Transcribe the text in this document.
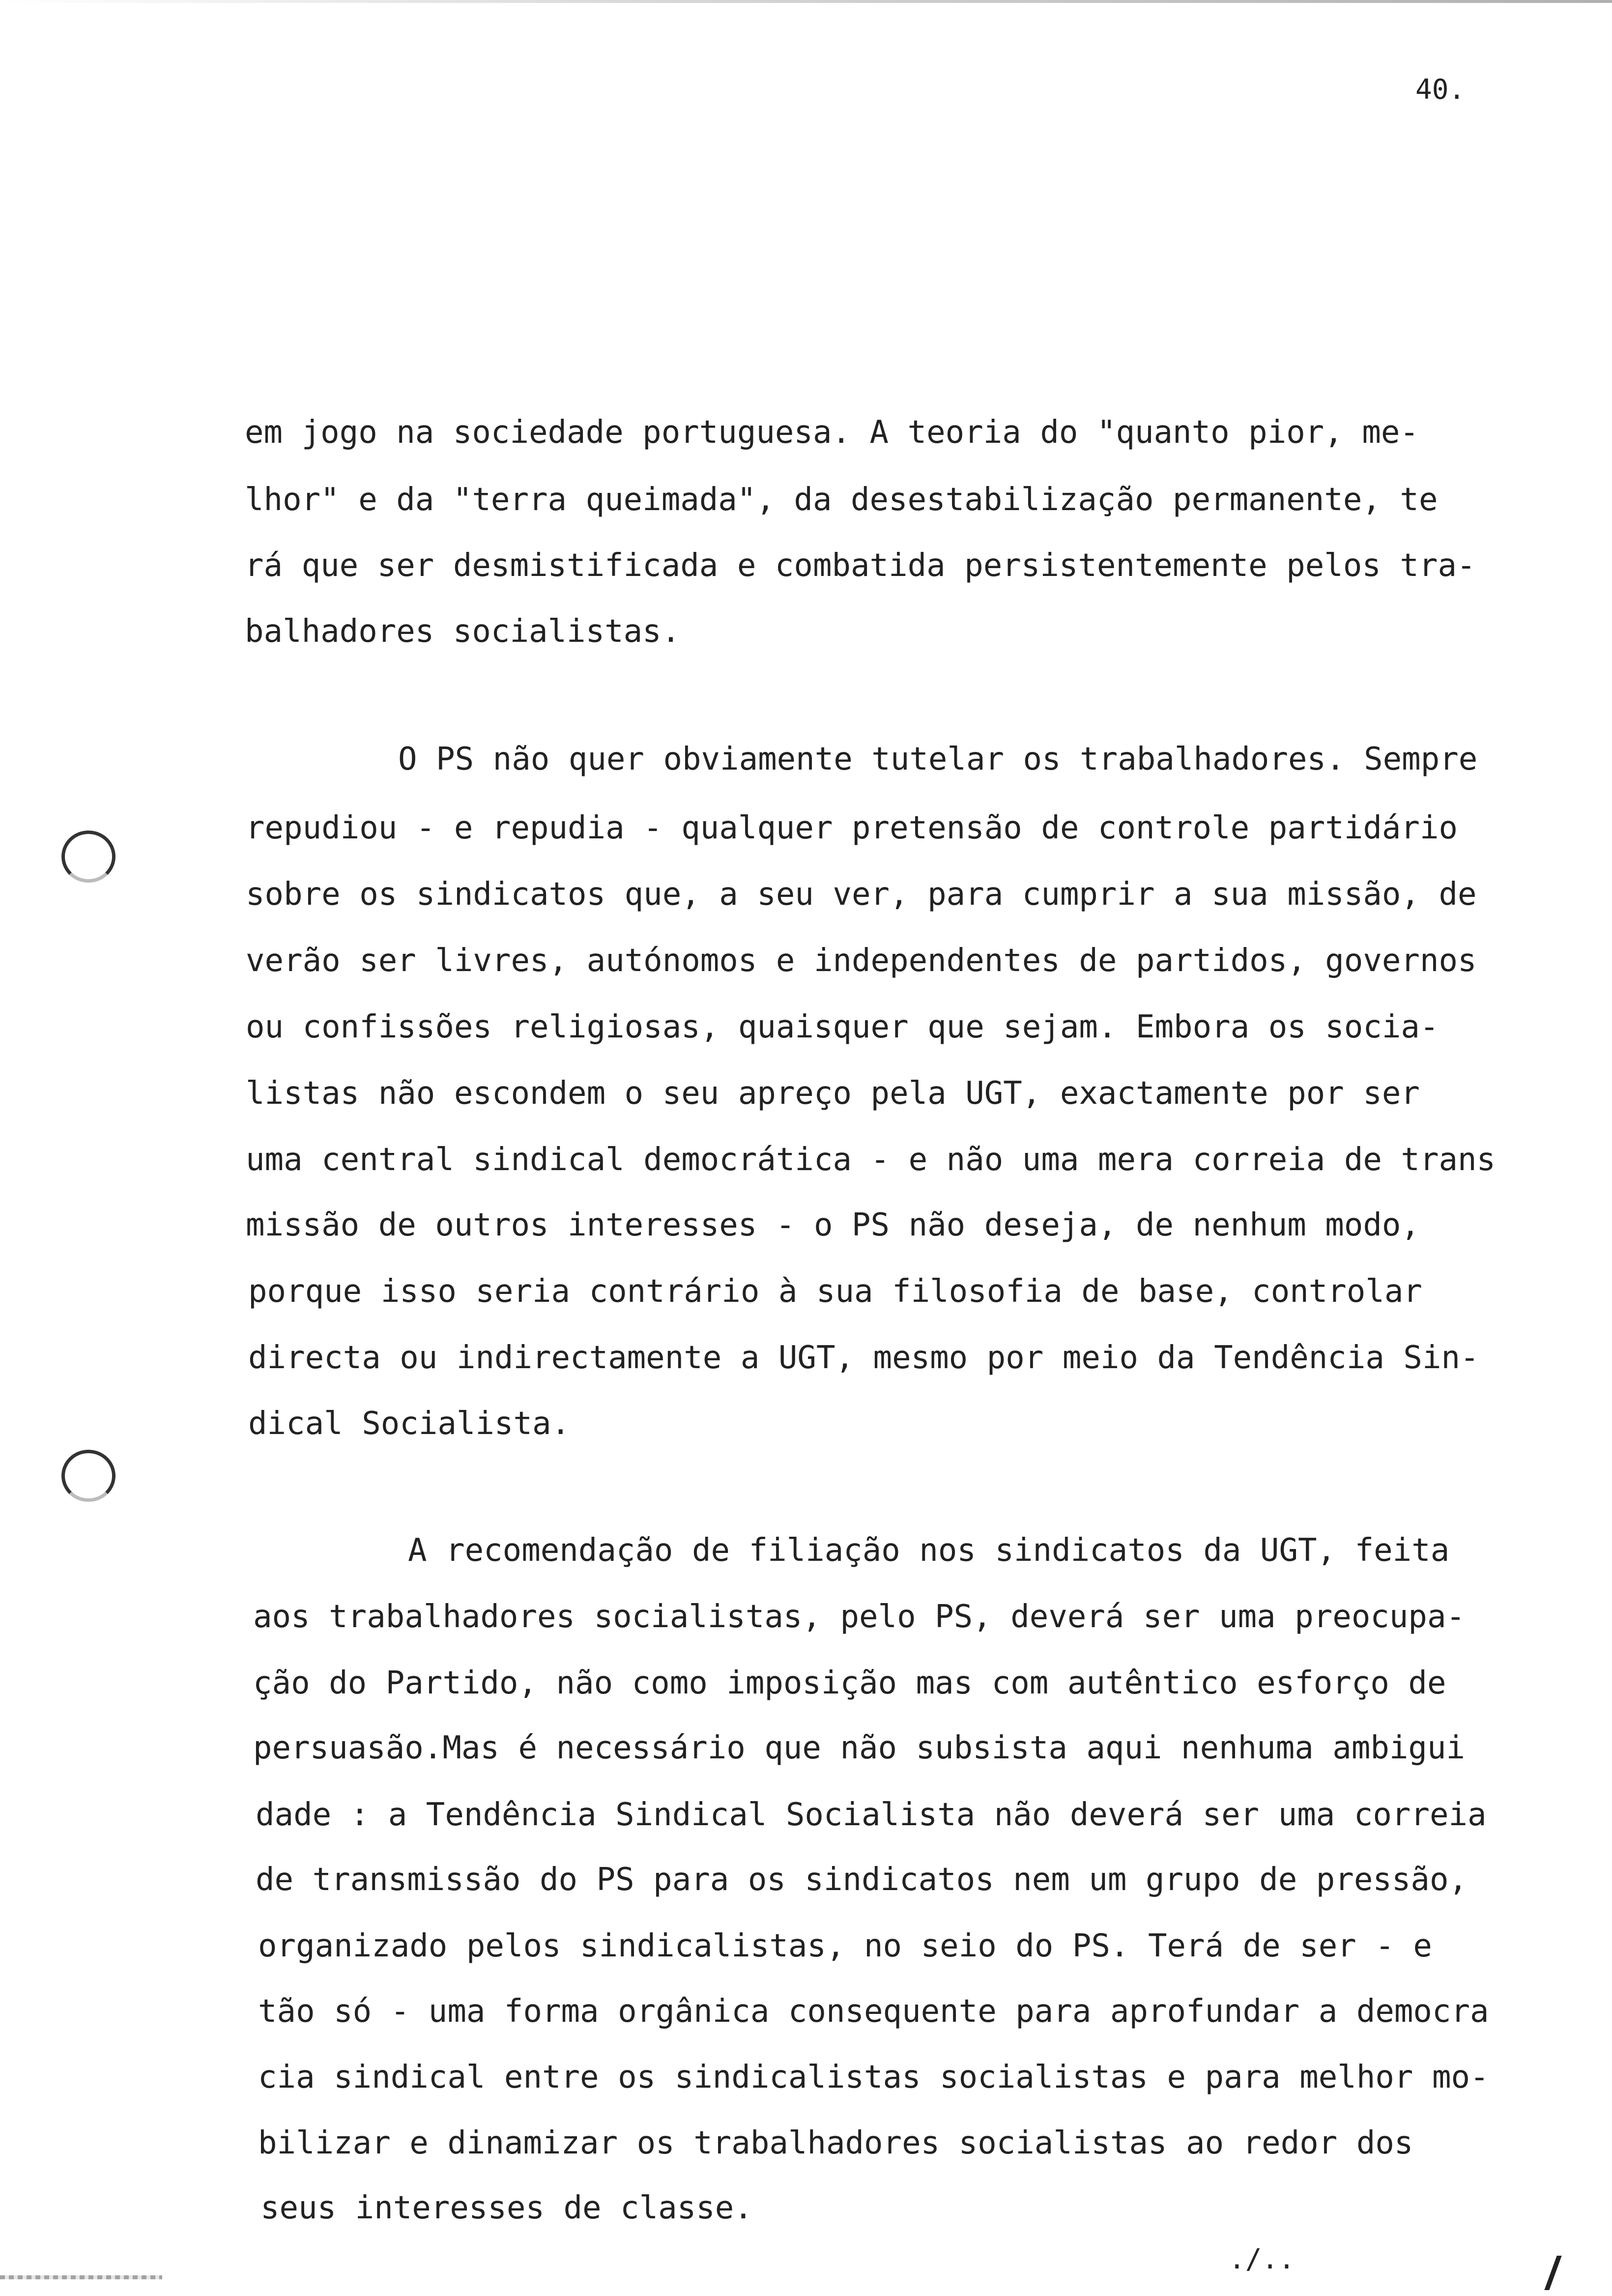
40.
em jogo na sociedade portuguesa. A teoria do "quanto pior, me-
lhor" e da "terra queimada", da desestabilização permanente, te
rá que ser desmistificada e combatida persistentemente pelos tra-
balhadores socialistas.
O PS não quer obviamente tutelar os trabalhadores. Sempre
repudiou - e repudia - qualquer pretensão de controle partidário
sobre os sindicatos que, a seu ver, para cumprir a sua missão, de
verão ser livres, autónomos e independentes de partidos, governos
ou confissões religiosas, quaisquer que sejam. Embora os socia-
listas não escondem o seu apreço pela UGT, exactamente por ser
uma central sindical democrática - e não uma mera correia de trans
missão de outros interesses - o PS não deseja, de nenhum modo,
porque isso seria contrário à sua filosofia de base, controlar
directa ou indirectamente a UGT, mesmo por meio da Tendência Sin-
dical Socialista.
A recomendação de filiação nos sindicatos da UGT, feita
aos trabalhadores socialistas, pelo PS, deverá ser uma preocupa-
ção do Partido, não como imposição mas com autêntico esforço de
persuasão.Mas é necessário que não subsista aqui nenhuma ambigui
dade : a Tendência Sindical Socialista não deverá ser uma correia
de transmissão do PS para os sindicatos nem um grupo de pressão,
organizado pelos sindicalistas, no seio do PS. Terá de ser - e
tão só - uma forma orgânica consequente para aprofundar a democra
cia sindical entre os sindicalistas socialistas e para melhor mo-
bilizar e dinamizar os trabalhadores socialistas ao redor dos
seus interesses de classe.
./..
